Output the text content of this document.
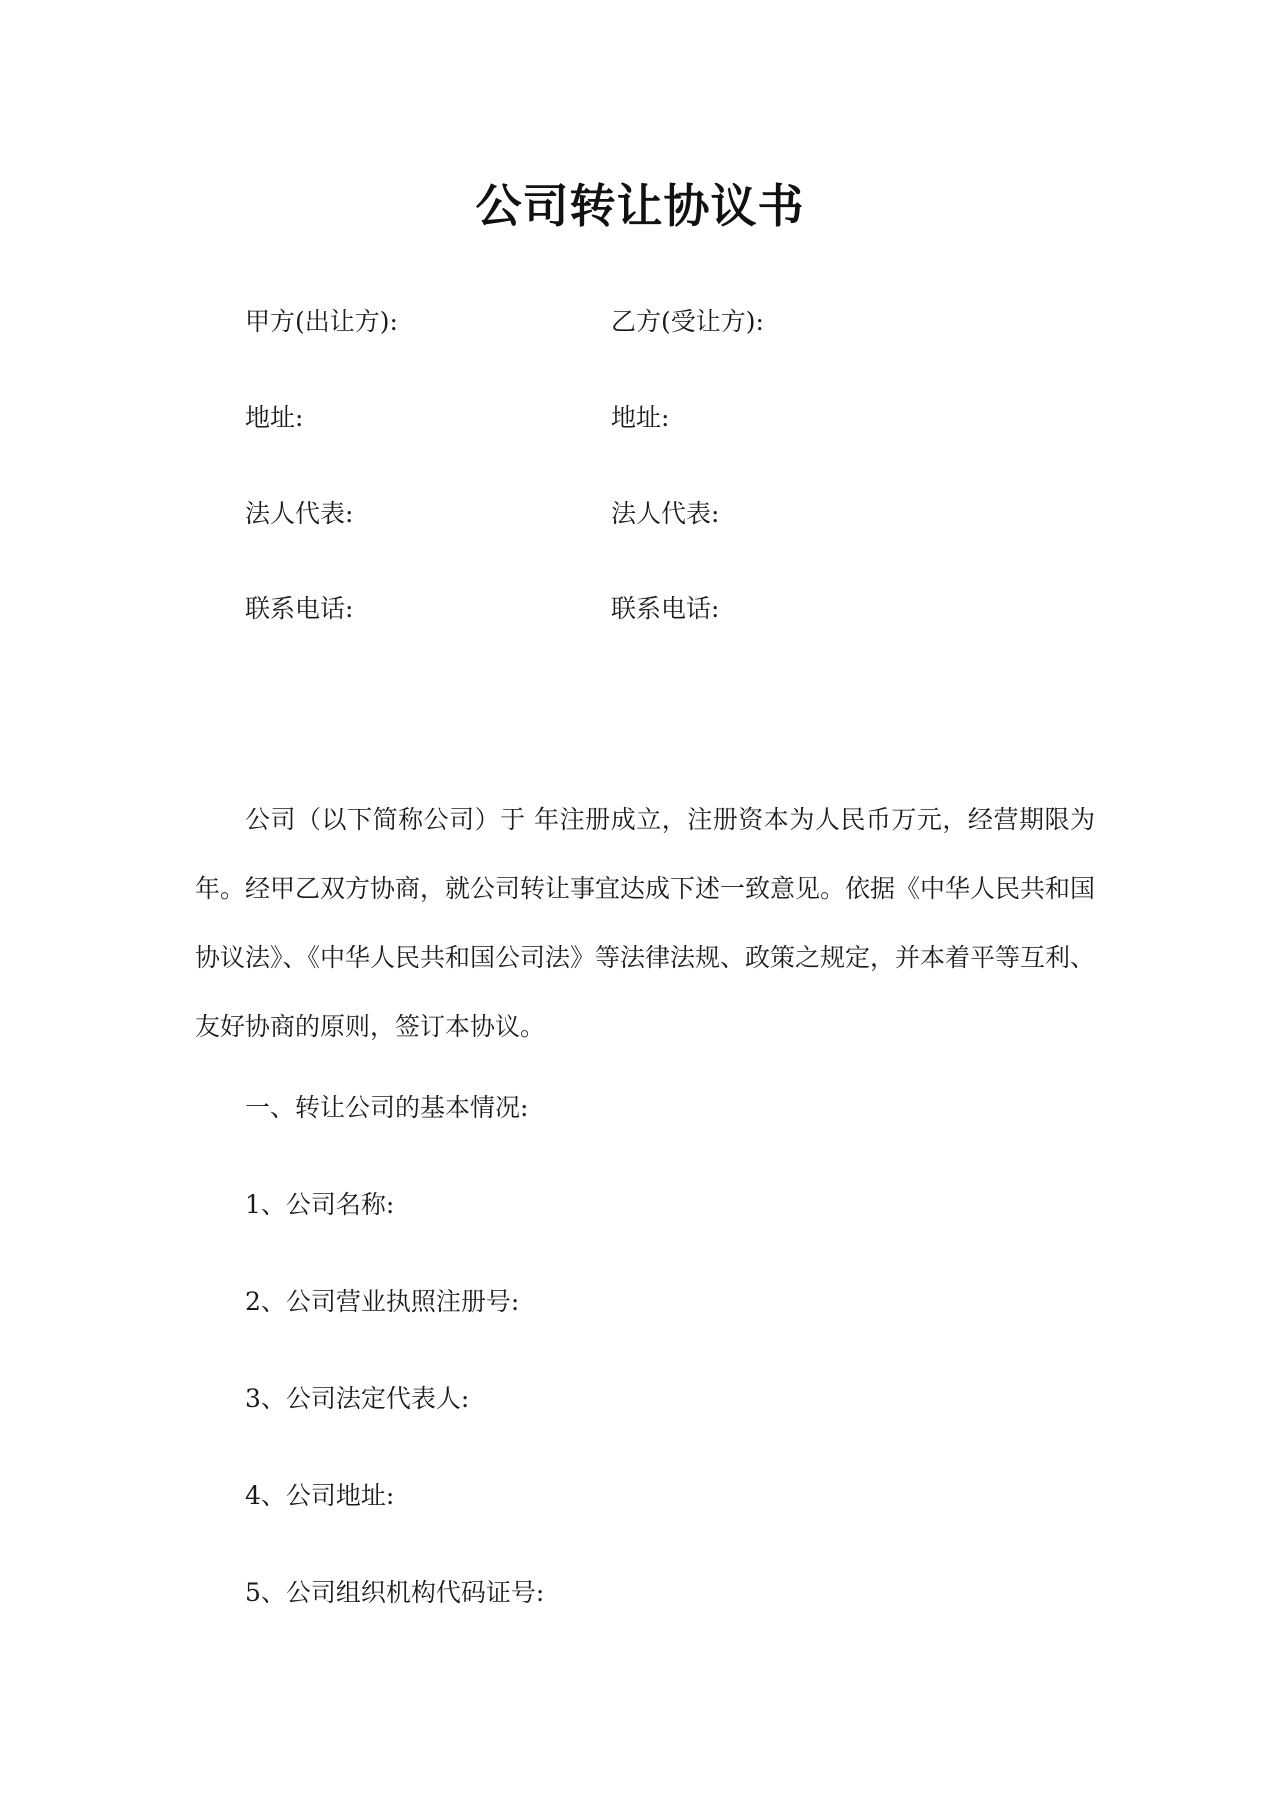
公司转让协议书
甲方(出让方):	乙方(受让方):
地址:	地址:
法人代表:	法人代表:
联系电话:	联系电话:

公司（以下简称公司）于 年注册成立，注册资本为人民币万元，经营期限为 年。经甲乙双方协商，就公司转让事宜达成下述一致意见。依据《中华人民共和国协议法》、《中华人民共和国公司法》等法律法规、政策之规定，并本着平等互利、友好协商的原则，签订本协议。

一、转让公司的基本情况:
1、公司名称:
2、公司营业执照注册号:
3、公司法定代表人:
4、公司地址:
5、公司组织机构代码证号:
